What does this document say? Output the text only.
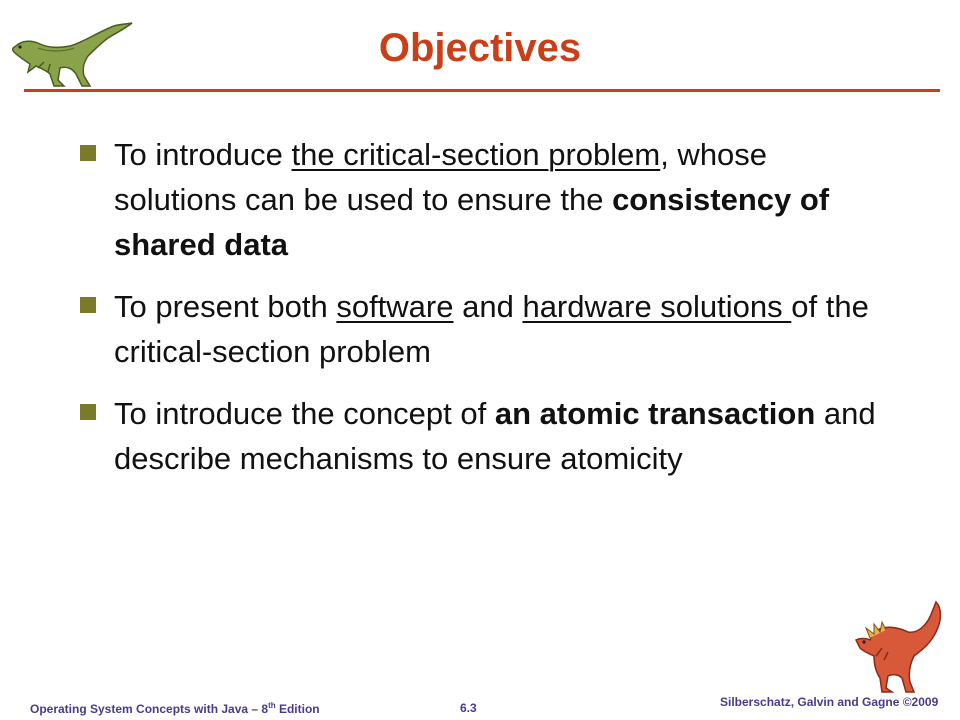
Objectives
To introduce the critical-section problem, whose solutions can be used to ensure the consistency of shared data
To present both software and hardware solutions of the critical-section problem
To introduce the concept of an atomic transaction and describe mechanisms to ensure atomicity
Operating System Concepts with Java – 8th Edition	6.3	Silberschatz, Galvin and Gagne ©2009
